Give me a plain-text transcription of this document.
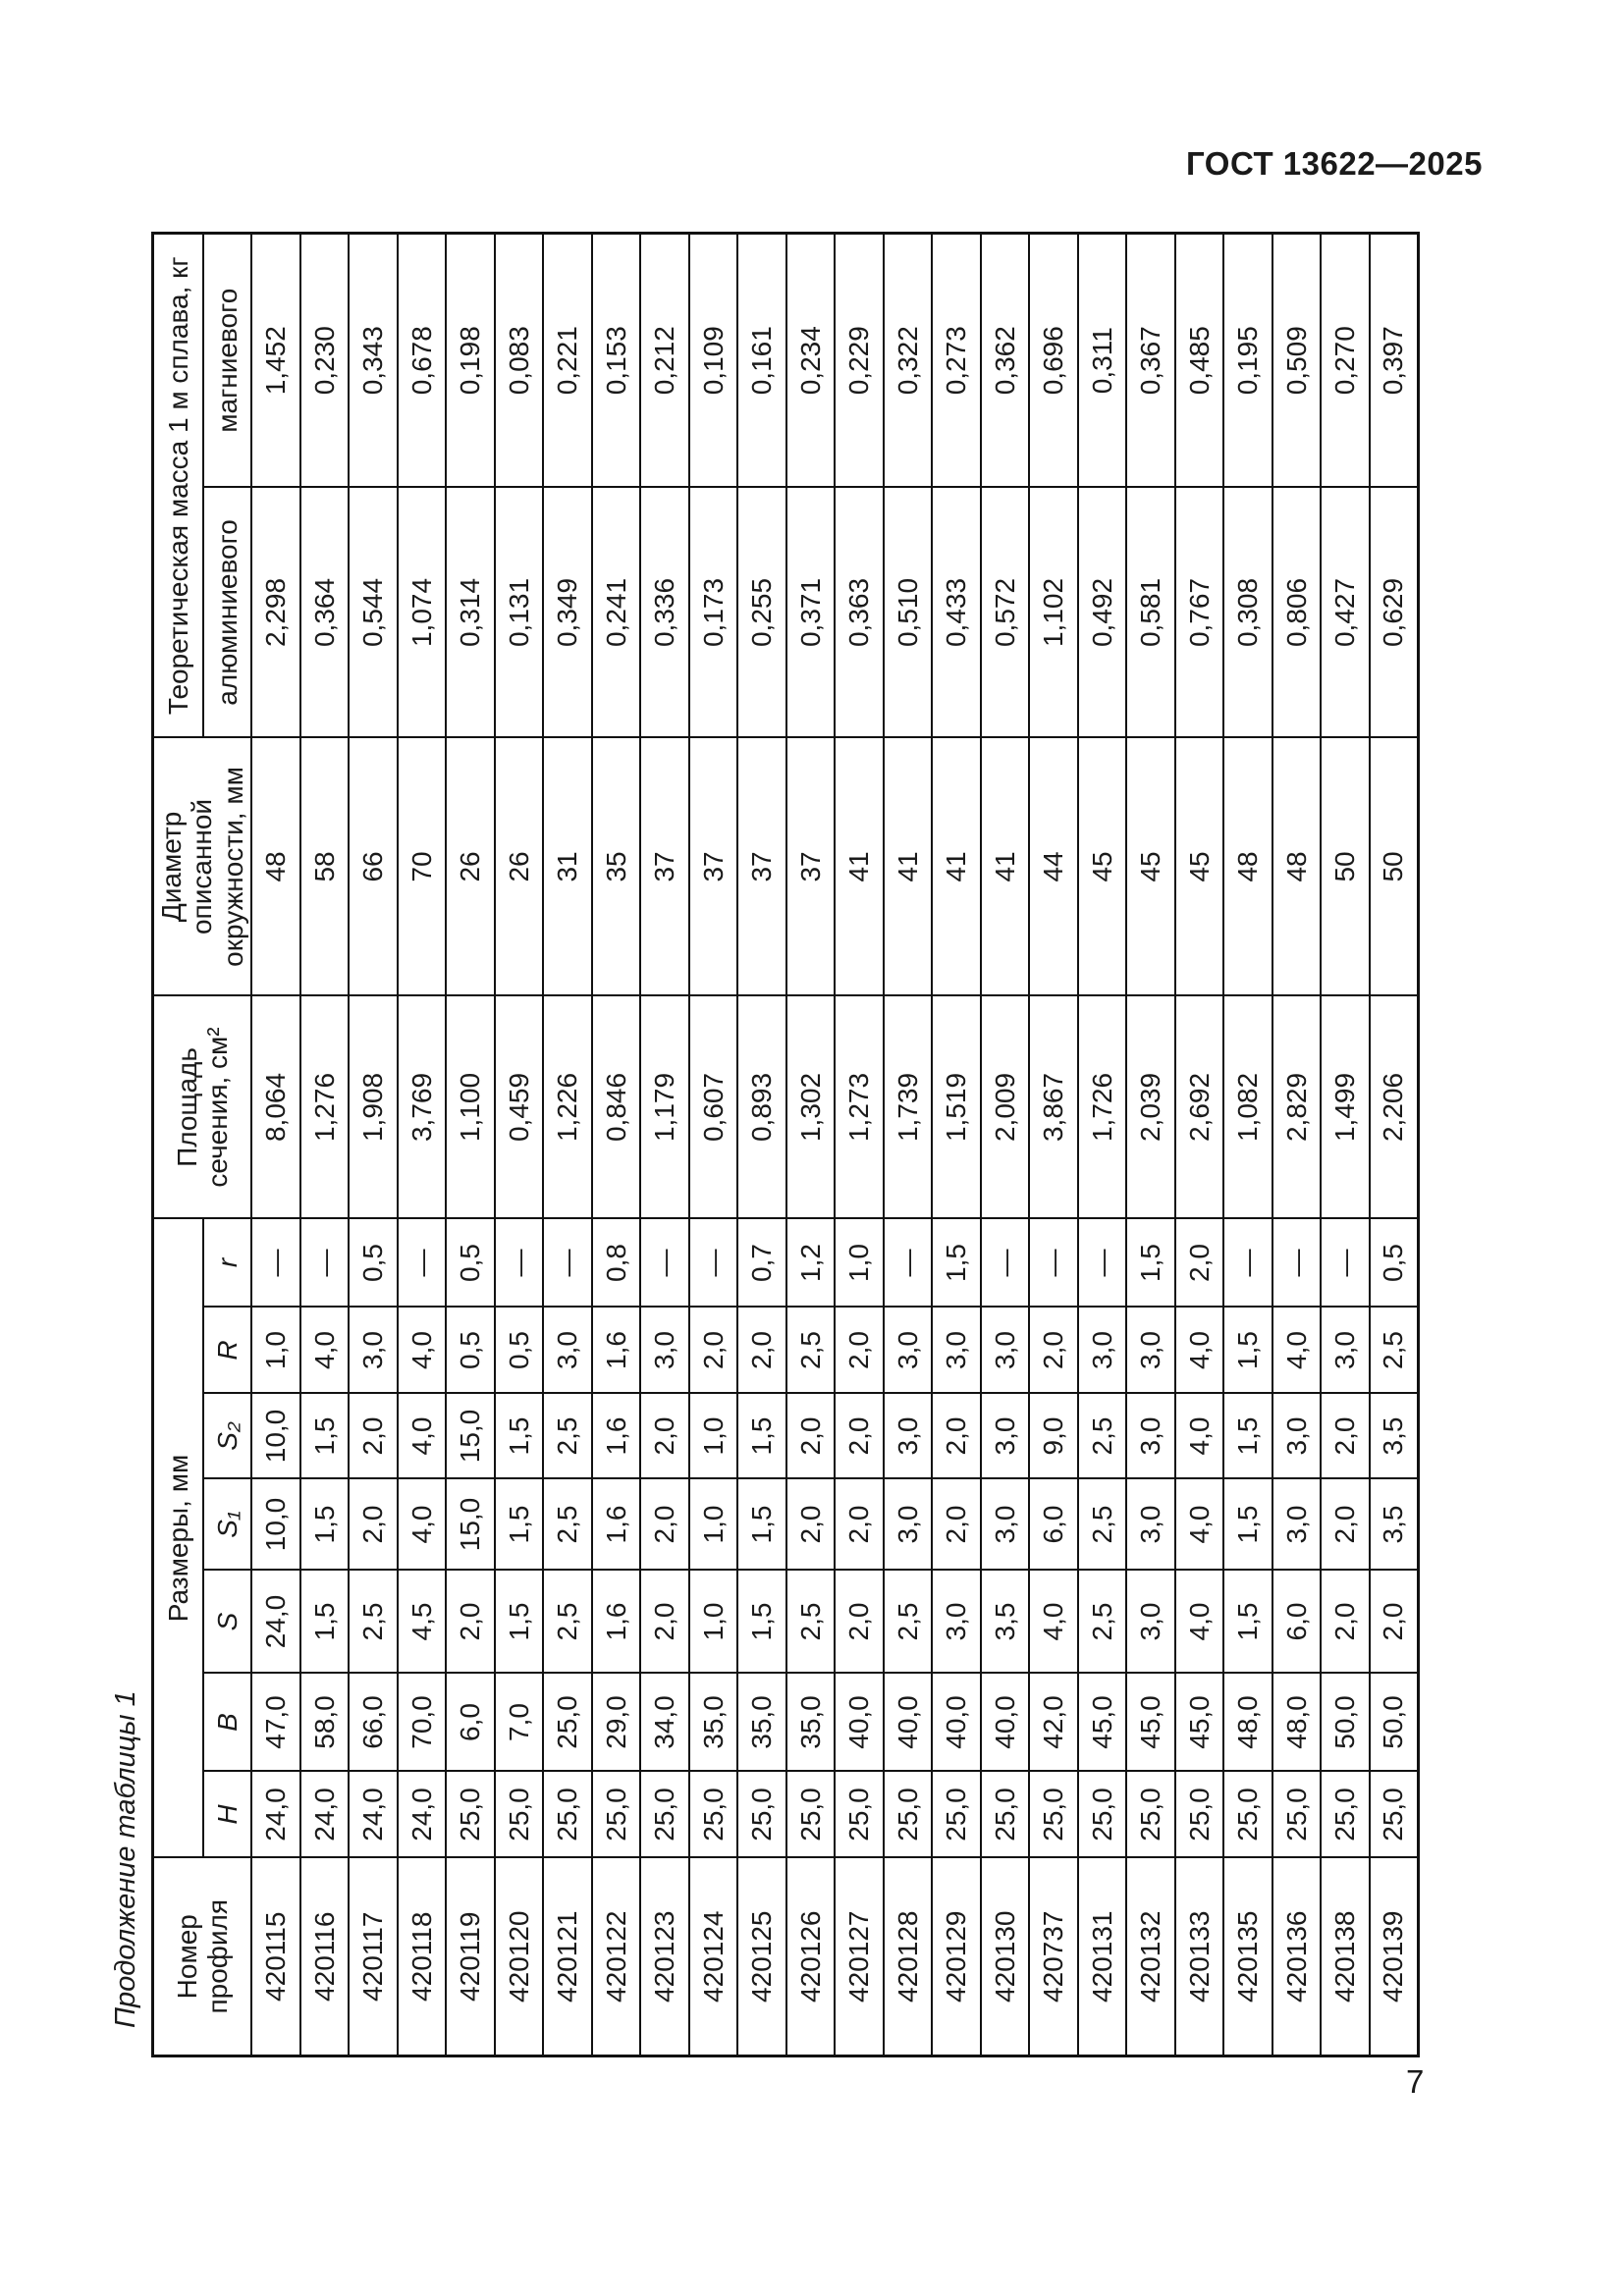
ГОСТ 13622—2025
Продолжение таблицы 1	Номер профиля	Размеры, мм							Площадь сечения, см²	Диаметр описанной окружности, мм	Теоретическая масса 1 м сплава, кг	
	H	B	S	S₁	S₂	R	r			алюминиевого	магниевого
420115	24,0	47,0	24,0	10,0	10,0	1,0	—	8,064	48	2,298	1,452
420116	24,0	58,0	1,5	1,5	1,5	4,0	—	1,276	58	0,364	0,230
420117	24,0	66,0	2,5	2,0	2,0	3,0	0,5	1,908	66	0,544	0,343
420118	24,0	70,0	4,5	4,0	4,0	4,0	—	3,769	70	1,074	0,678
420119	25,0	6,0	2,0	15,0	15,0	0,5	0,5	1,100	26	0,314	0,198
420120	25,0	7,0	1,5	1,5	1,5	0,5	—	0,459	26	0,131	0,083
420121	25,0	25,0	2,5	2,5	2,5	3,0	—	1,226	31	0,349	0,221
420122	25,0	29,0	1,6	1,6	1,6	1,6	0,8	0,846	35	0,241	0,153
420123	25,0	34,0	2,0	2,0	2,0	3,0	—	1,179	37	0,336	0,212
420124	25,0	35,0	1,0	1,0	1,0	2,0	—	0,607	37	0,173	0,109
420125	25,0	35,0	1,5	1,5	1,5	2,0	0,7	0,893	37	0,255	0,161
420126	25,0	35,0	2,5	2,0	2,0	2,5	1,2	1,302	37	0,371	0,234
420127	25,0	40,0	2,0	2,0	2,0	2,0	1,0	1,273	41	0,363	0,229
420128	25,0	40,0	2,5	3,0	3,0	3,0	—	1,739	41	0,510	0,322
420129	25,0	40,0	3,0	2,0	2,0	3,0	1,5	1,519	41	0,433	0,273
420130	25,0	40,0	3,5	3,0	3,0	3,0	—	2,009	41	0,572	0,362
420737	25,0	42,0	4,0	6,0	9,0	2,0	—	3,867	44	1,102	0,696
420131	25,0	45,0	2,5	2,5	2,5	3,0	—	1,726	45	0,492	0,311
420132	25,0	45,0	3,0	3,0	3,0	3,0	1,5	2,039	45	0,581	0,367
420133	25,0	45,0	4,0	4,0	4,0	4,0	2,0	2,692	45	0,767	0,485
420135	25,0	48,0	1,5	1,5	1,5	1,5	—	1,082	48	0,308	0,195
420136	25,0	48,0	6,0	3,0	3,0	4,0	—	2,829	48	0,806	0,509
420138	25,0	50,0	2,0	2,0	2,0	3,0	—	1,499	50	0,427	0,270
420139	25,0	50,0	2,0	3,5	3,5	2,5	0,5	2,206	50	0,629	0,397
7
